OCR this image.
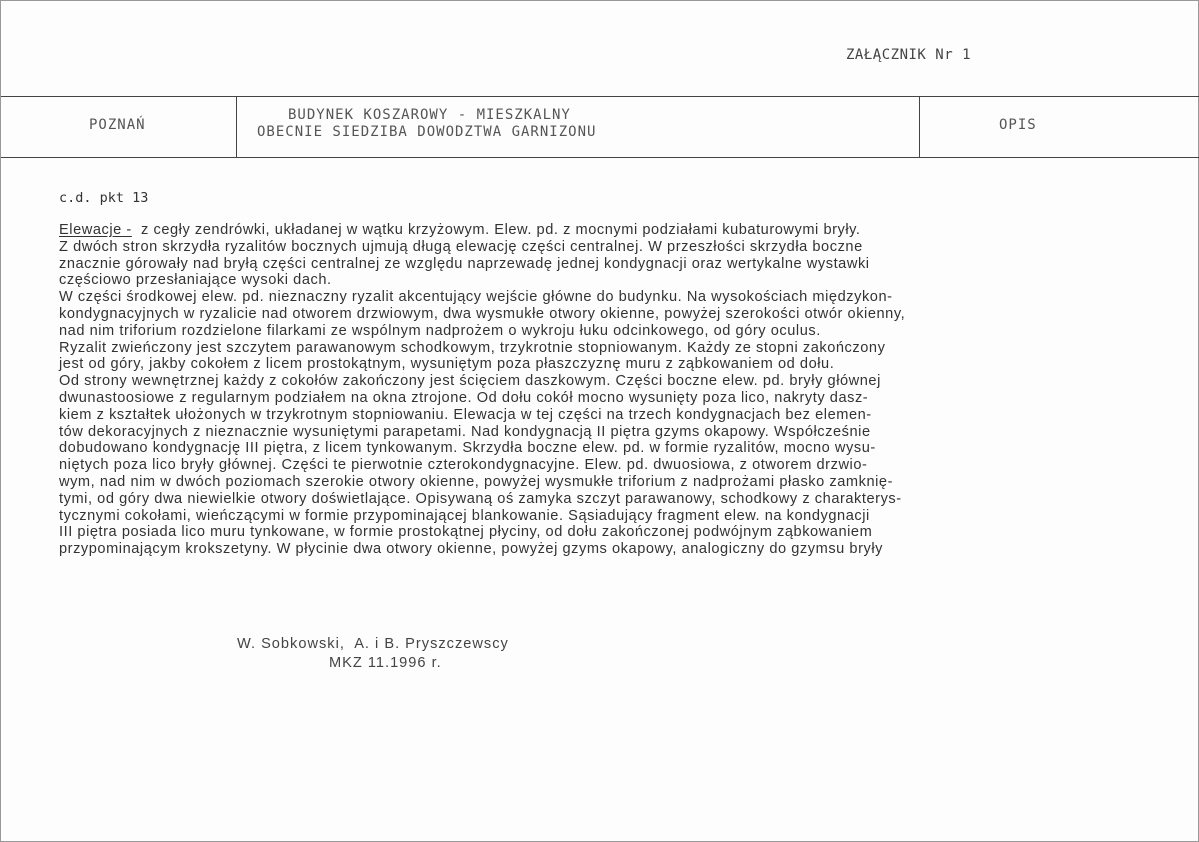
ZAŁĄCZNIK Nr 1
POZNAŃ
BUDYNEK KOSZAROWY - MIESZKALNY
OBECNIE SIEDZIBA DOWODZTWA GARNIZONU	OPIS
c.d. pkt 13
Elewacje -  z cegły zendrówki, układanej w wątku krzyżowym. Elew. pd. z mocnymi podziałami kubaturowymi bryły.
Z dwóch stron skrzydła ryzalitów bocznych ujmują długą elewację części centralnej. W przeszłości skrzydła boczne
znacznie górowały nad bryłą części centralnej ze względu naprzewadę jednej kondygnacji oraz wertykalne wystawki
częściowo przesłaniające wysoki dach.
W części środkowej elew. pd. nieznaczny ryzalit akcentujący wejście główne do budynku. Na wysokościach międzykon-
kondygnacyjnych w ryzalicie nad otworem drzwiowym, dwa wysmukłe otwory okienne, powyżej szerokości otwór okienny,
nad nim triforium rozdzielone filarkami ze wspólnym nadprożem o wykroju łuku odcinkowego, od góry oculus.
Ryzalit zwieńczony jest szczytem parawanowym schodkowym, trzykrotnie stopniowanym. Każdy ze stopni zakończony
jest od góry, jakby cokołem z licem prostokątnym, wysuniętym poza płaszczyznę muru z ząbkowaniem od dołu.
Od strony wewnętrznej każdy z cokołów zakończony jest ścięciem daszkowym. Części boczne elew. pd. bryły głównej
dwunastoosiowe z regularnym podziałem na okna ztrojone. Od dołu cokół mocno wysunięty poza lico, nakryty dasz-
kiem z kształtek ułożonych w trzykrotnym stopniowaniu. Elewacja w tej części na trzech kondygnacjach bez elemen-
tów dekoracyjnych z nieznacznie wysuniętymi parapetami. Nad kondygnacją II piętra gzyms okapowy. Współcześnie
dobudowano kondygnację III piętra, z licem tynkowanym. Skrzydła boczne elew. pd. w formie ryzalitów, mocno wysu-
niętych poza lico bryły głównej. Części te pierwotnie czterokondygnacyjne. Elew. pd. dwuosiowa, z otworem drzwio-
wym, nad nim w dwóch poziomach szerokie otwory okienne, powyżej wysmukłe triforium z nadprożami płasko zamknię-
tymi, od góry dwa niewielkie otwory doświetlające. Opisywaną oś zamyka szczyt parawanowy, schodkowy z charakterys-
tycznymi cokołami, wieńczącymi w formie przypominającej blankowanie. Sąsiadujący fragment elew. na kondygnacji
III piętra posiada lico muru tynkowane, w formie prostokątnej płyciny, od dołu zakończonej podwójnym ząbkowaniem
przypominającym krokszetyny. W płycinie dwa otwory okienne, powyżej gzyms okapowy, analogiczny do gzymsu bryły
W. Sobkowski,  A. i B. Pryszczewscy
MKZ 11.1996 r.
